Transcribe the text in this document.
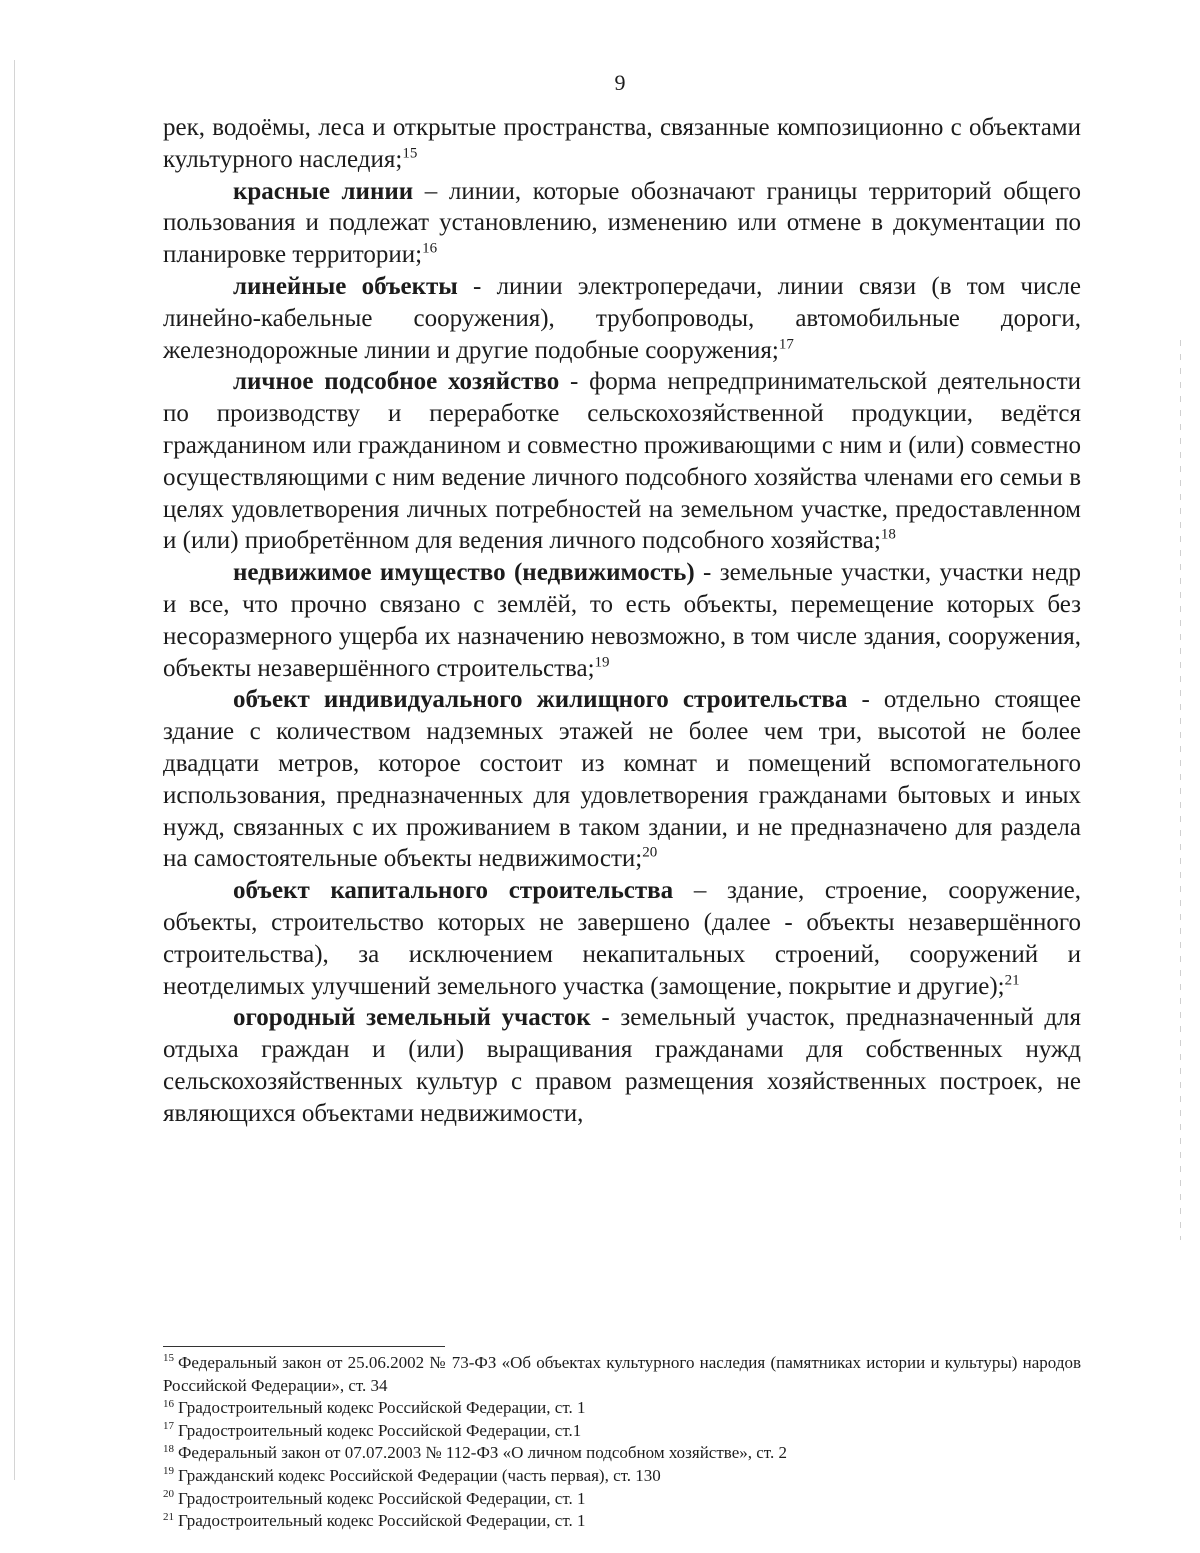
9

рек, водоёмы, леса и открытые пространства, связанные композиционно с объектами культурного наследия;$^{15}$

красные линии – линии, которые обозначают границы территорий общего пользования и подлежат установлению, изменению или отмене в документации по планировке территории;$^{16}$

линейные объекты - линии электропередачи, линии связи (в том числе линейно-кабельные сооружения), трубопроводы, автомобильные дороги, железнодорожные линии и другие подобные сооружения;$^{17}$

личное подсобное хозяйство - форма непредпринимательской деятельности по производству и переработке сельскохозяйственной продукции, ведётся гражданином или гражданином и совместно проживающими с ним и (или) совместно осуществляющими с ним ведение личного подсобного хозяйства членами его семьи в целях удовлетворения личных потребностей на земельном участке, предоставленном и (или) приобретённом для ведения личного подсобного хозяйства;$^{18}$

недвижимое имущество (недвижимость) - земельные участки, участки недр и все, что прочно связано с землёй, то есть объекты, перемещение которых без несоразмерного ущерба их назначению невозможно, в том числе здания, сооружения, объекты незавершённого строительства;$^{19}$

объект индивидуального жилищного строительства - отдельно стоящее здание с количеством надземных этажей не более чем три, высотой не более двадцати метров, которое состоит из комнат и помещений вспомогательного использования, предназначенных для удовлетворения гражданами бытовых и иных нужд, связанных с их проживанием в таком здании, и не предназначено для раздела на самостоятельные объекты недвижимости;$^{20}$

объект капитального строительства – здание, строение, сооружение, объекты, строительство которых не завершено (далее - объекты незавершённого строительства), за исключением некапитальных строений, сооружений и неотделимых улучшений земельного участка (замощение, покрытие и другие);$^{21}$

огородный земельный участок - земельный участок, предназначенный для отдыха граждан и (или) выращивания гражданами для собственных нужд сельскохозяйственных культур с правом размещения хозяйственных построек, не являющихся объектами недвижимости,

$^{15}$ Федеральный закон от 25.06.2002 № 73-ФЗ «Об объектах культурного наследия (памятниках истории и культуры) народов Российской Федерации», ст. 34

$^{16}$ Градостроительный кодекс Российской Федерации, ст. 1

$^{17}$ Градостроительный кодекс Российской Федерации, ст.1

$^{18}$ Федеральный закон от 07.07.2003 № 112-ФЗ «О личном подсобном хозяйстве», ст. 2

$^{19}$ Гражданский кодекс Российской Федерации (часть первая), ст. 130

$^{20}$ Градостроительный кодекс Российской Федерации, ст. 1

$^{21}$ Градостроительный кодекс Российской Федерации, ст. 1
